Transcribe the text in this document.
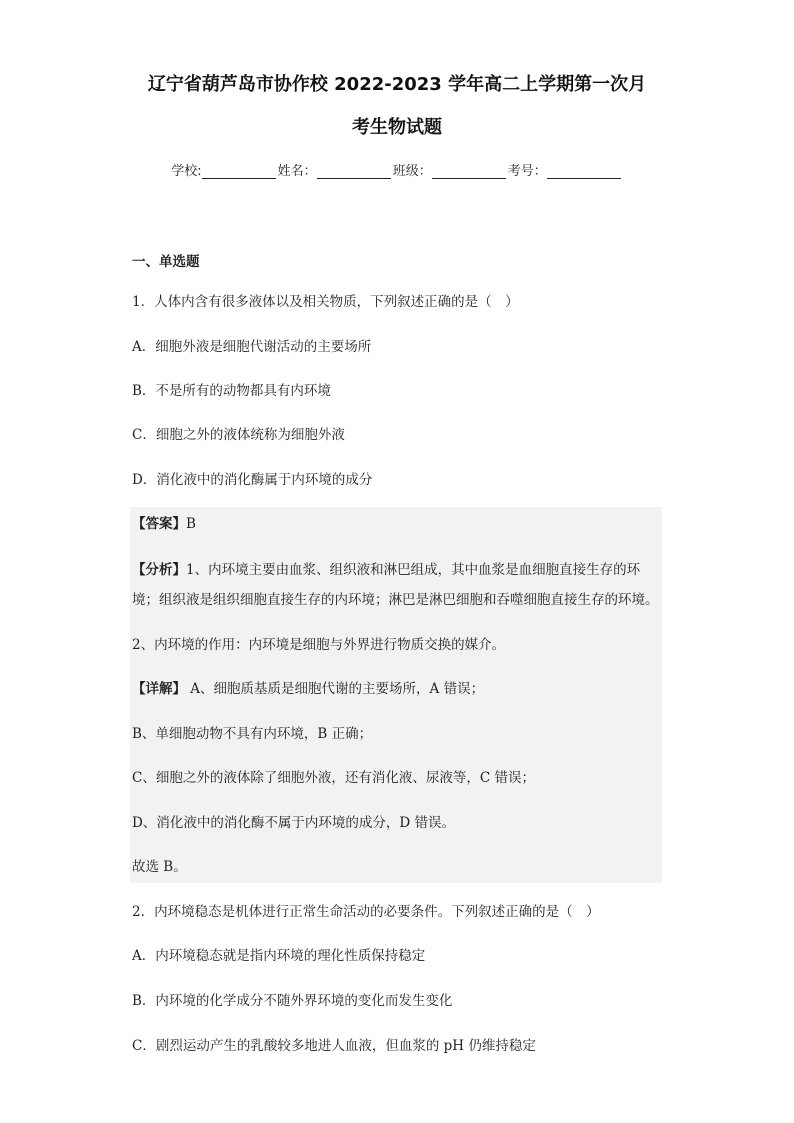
辽宁省葫芦岛市协作校 2022-2023 学年高二上学期第一次月
考生物试题
学校:	姓名：	班级：	考号：
一、单选题
1．人体内含有很多液体以及相关物质，下列叙述正确的是（　）
A．细胞外液是细胞代谢活动的主要场所
B．不是所有的动物都具有内环境
C．细胞之外的液体统称为细胞外液
D．消化液中的消化酶属于内环境的成分
【答案】B
【分析】1、内环境主要由血浆、组织液和淋巴组成，其中血浆是血细胞直接生存的环
境；组织液是组织细胞直接生存的内环境；淋巴是淋巴细胞和吞噬细胞直接生存的环境。
2、内环境的作用：内环境是细胞与外界进行物质交换的媒介。
【详解】 A、细胞质基质是细胞代谢的主要场所，A 错误；
B、单细胞动物不具有内环境，B 正确；
C、细胞之外的液体除了细胞外液，还有消化液、尿液等，C 错误；
D、消化液中的消化酶不属于内环境的成分，D 错误。
故选 B。
2．内环境稳态是机体进行正常生命活动的必要条件。下列叙述正确的是（　）
A．内环境稳态就是指内环境的理化性质保持稳定
B．内环境的化学成分不随外界环境的变化而发生变化
C．剧烈运动产生的乳酸较多地进人血液，但血浆的 pH 仍维持稳定
